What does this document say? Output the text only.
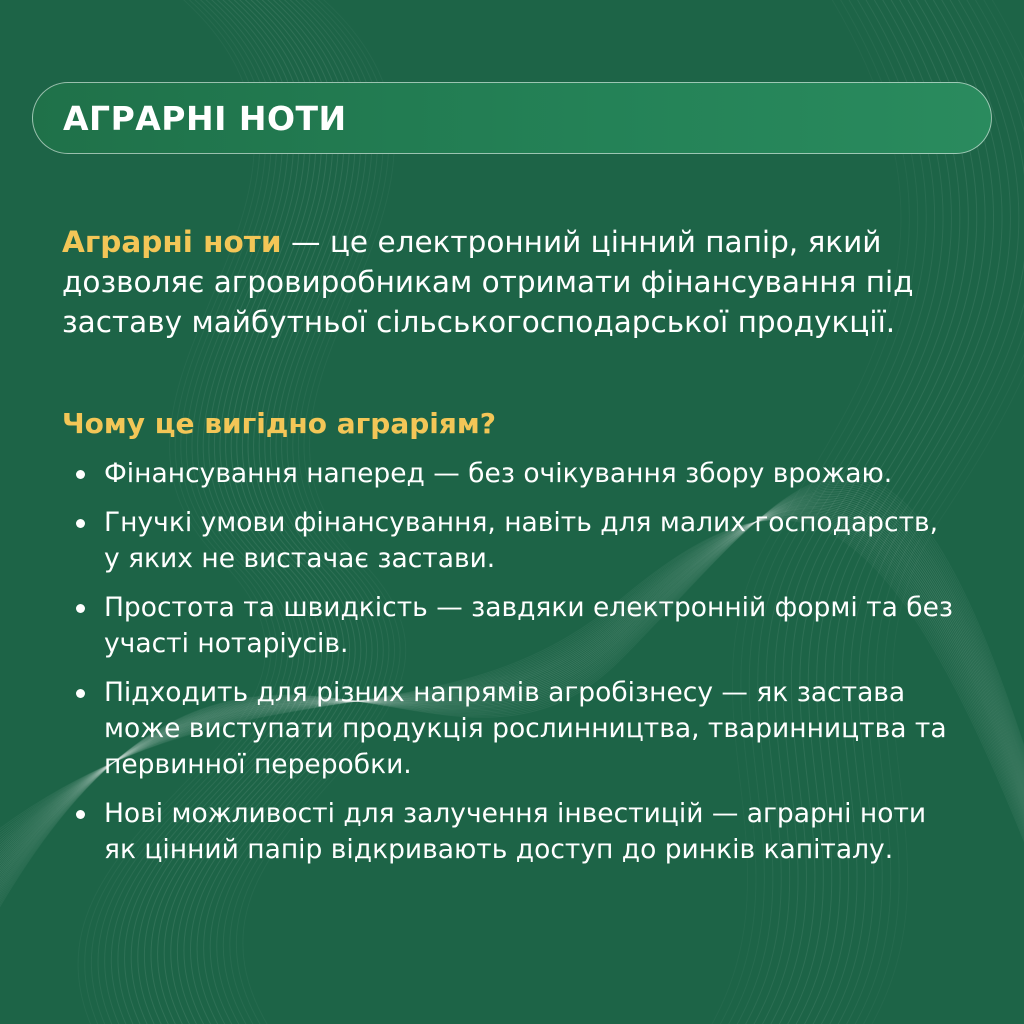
АГРАРНІ НОТИ

Аграрні ноти — це електронний цінний папір, який дозволяє агровиробникам отримати фінансування під заставу майбутньої сільськогосподарської продукції.

Чому це вигідно аграріям?
Фінансування наперед — без очікування збору врожаю.
Гнучкі умови фінансування, навіть для малих господарств, у яких не вистачає застави.
Простота та швидкість — завдяки електронній формі та без участі нотаріусів.
Підходить для різних напрямів агробізнесу — як застава може виступати продукція рослинництва, тваринництва та первинної переробки.
Нові можливості для залучення інвестицій — аграрні ноти як цінний папір відкривають доступ до ринків капіталу.
